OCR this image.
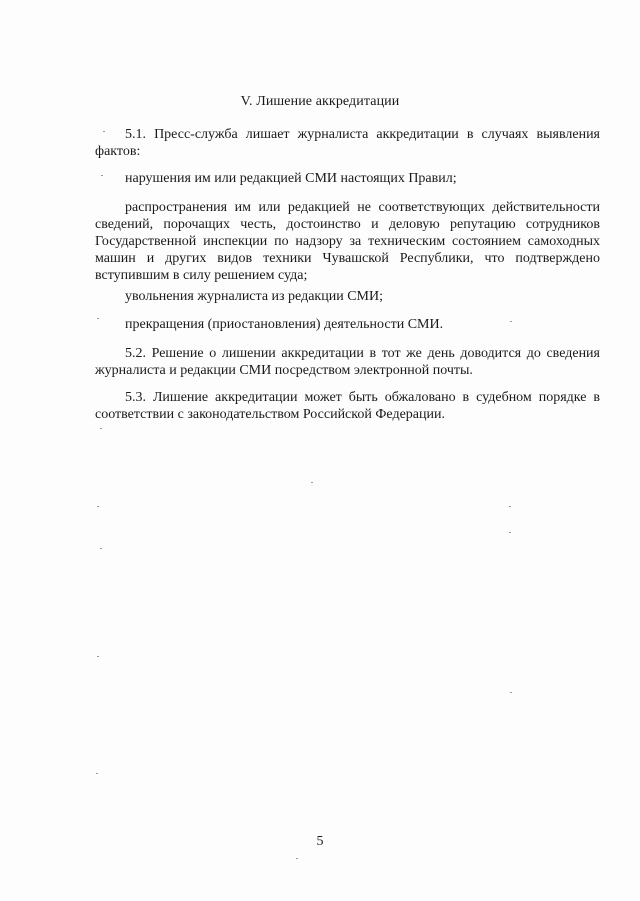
V. Лишение аккредитации
5.1. Пресс-служба лишает журналиста аккредитации в случаях выявления фактов:
нарушения им или редакцией СМИ настоящих Правил;
распространения им или редакцией не соответствующих действительности сведений, порочащих честь, достоинство и деловую репутацию сотрудников Государственной инспекции по надзору за техническим состоянием самоходных машин и других видов техники Чувашской Республики, что подтверждено вступившим в силу решением суда;
увольнения журналиста из редакции СМИ;
прекращения (приостановления) деятельности СМИ.
5.2. Решение о лишении аккредитации в тот же день доводится до сведения журналиста и редакции СМИ посредством электронной почты.
5.3. Лишение аккредитации может быть обжаловано в судебном порядке в соответствии с законодательством Российской Федерации.
5
